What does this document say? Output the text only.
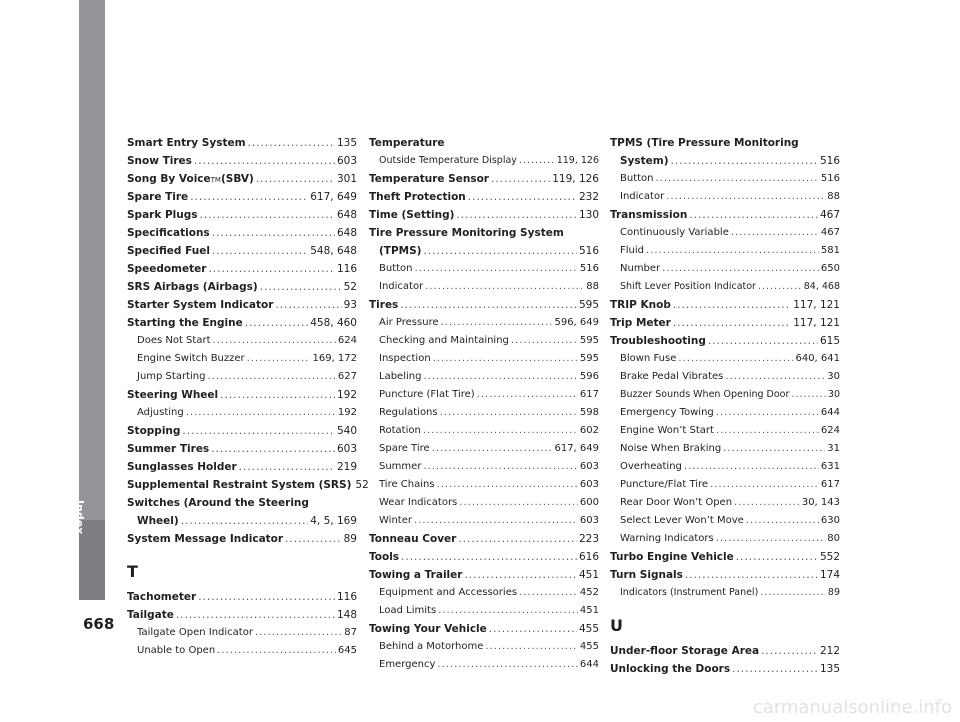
Index
668
Smart Entry System .....	135
Snow Tires .....	603
Song By Voice TM (SBV) .....	301
Spare Tire .....	617, 649
Spark Plugs .....	648
Specifications .....	648
Specified Fuel .....	548, 648
Speedometer .....	116
SRS Airbags (Airbags) .....	52
Starter System Indicator .....	93
Starting the Engine .....	458, 460
Does Not Start .....	624
Engine Switch Buzzer .....	169, 172
Jump Starting .....	627
Steering Wheel .....	192
Adjusting .....	192
Stopping .....	540
Summer Tires .....	603
Sunglasses Holder .....	219
Supplemental Restraint System (SRS) 52
Switches (Around the Steering
Wheel) .....	4, 5, 169
System Message Indicator .....	89
T
Tachometer .....	116
Tailgate .....	148
Tailgate Open Indicator .....	87
Unable to Open .....	645
Temperature
Outside Temperature Display .....	119, 126
Temperature Sensor .....	119, 126
Theft Protection .....	232
Time (Setting) .....	130
Tire Pressure Monitoring System
(TPMS) .....	516
Button .....	516
Indicator .....	88
Tires .....	595
Air Pressure .....	596, 649
Checking and Maintaining .....	595
Inspection .....	595
Labeling .....	596
Puncture (Flat Tire) .....	617
Regulations .....	598
Rotation .....	602
Spare Tire .....	617, 649
Summer .....	603
Tire Chains .....	603
Wear Indicators .....	600
Winter .....	603
Tonneau Cover .....	223
Tools .....	616
Towing a Trailer .....	451
Equipment and Accessories .....	452
Load Limits .....	451
Towing Your Vehicle .....	455
Behind a Motorhome .....	455
Emergency .....	644
TPMS (Tire Pressure Monitoring
System) .....	516
Button .....	516
Indicator .....	88
Transmission .....	467
Continuously Variable .....	467
Fluid .....	581
Number .....	650
Shift Lever Position Indicator .....	84, 468
TRIP Knob .....	117, 121
Trip Meter .....	117, 121
Troubleshooting .....	615
Blown Fuse .....	640, 641
Brake Pedal Vibrates .....	30
Buzzer Sounds When Opening Door .....	30
Emergency Towing .....	644
Engine Won’t Start .....	624
Noise When Braking .....	31
Overheating .....	631
Puncture/Flat Tire .....	617
Rear Door Won’t Open .....	30, 143
Select Lever Won’t Move .....	630
Warning Indicators .....	80
Turbo Engine Vehicle .....	552
Turn Signals .....	174
Indicators (Instrument Panel) .....	89
U
Under-floor Storage Area .....	212
Unlocking the Doors .....	135
carmanualsonline.info
